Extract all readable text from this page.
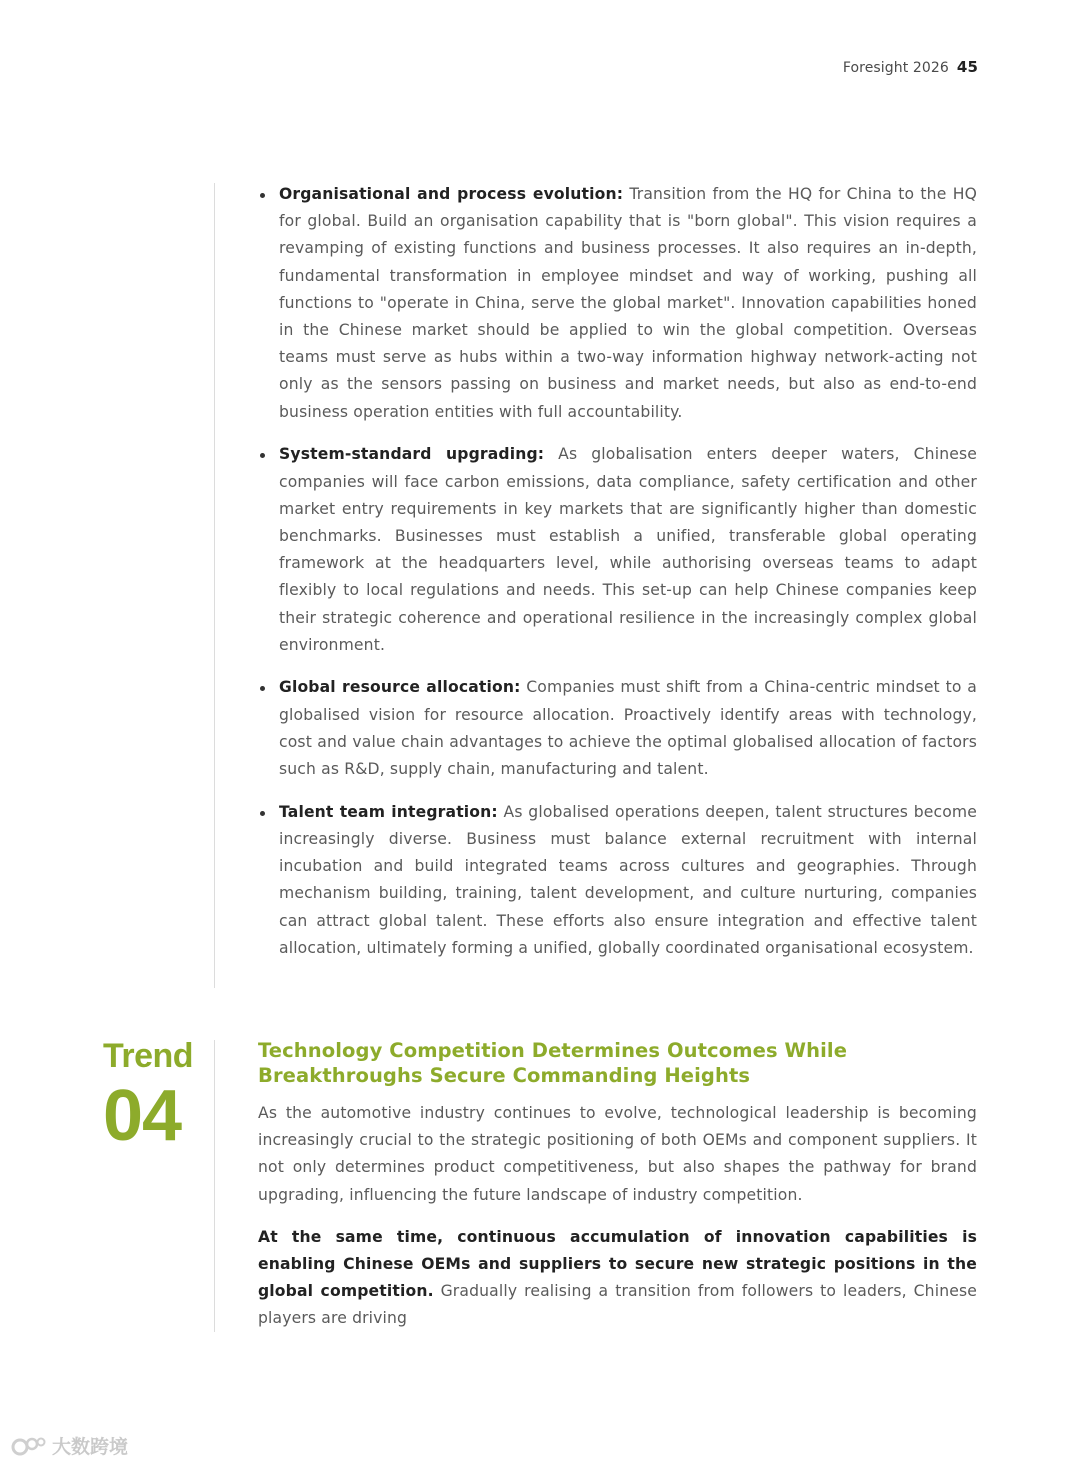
Foresight 2026 45
Organisational and process evolution: Transition from the HQ for China to the HQ for global. Build an organisation capability that is "born global". This vision requires a revamping of existing functions and business processes. It also requires an in-depth, fundamental transformation in employee mindset and way of working, pushing all functions to "operate in China, serve the global market". Innovation capabilities honed in the Chinese market should be applied to win the global competition. Overseas teams must serve as hubs within a two-way information highway network-acting not only as the sensors passing on business and market needs, but also as end-to-end business operation entities with full accountability.
System-standard upgrading: As globalisation enters deeper waters, Chinese companies will face carbon emissions, data compliance, safety certification and other market entry requirements in key markets that are significantly higher than domestic benchmarks. Businesses must establish a unified, transferable global operating framework at the headquarters level, while authorising overseas teams to adapt flexibly to local regulations and needs. This set-up can help Chinese companies keep their strategic coherence and operational resilience in the increasingly complex global environment.
Global resource allocation: Companies must shift from a China-centric mindset to a globalised vision for resource allocation. Proactively identify areas with technology, cost and value chain advantages to achieve the optimal globalised allocation of factors such as R&D, supply chain, manufacturing and talent.
Talent team integration: As globalised operations deepen, talent structures become increasingly diverse. Business must balance external recruitment with internal incubation and build integrated teams across cultures and geographies. Through mechanism building, training, talent development, and culture nurturing, companies can attract global talent. These efforts also ensure integration and effective talent allocation, ultimately forming a unified, globally coordinated organisational ecosystem.
Trend
04
Technology Competition Determines Outcomes While Breakthroughs Secure Commanding Heights

As the automotive industry continues to evolve, technological leadership is becoming increasingly crucial to the strategic positioning of both OEMs and component suppliers. It not only determines product competitiveness, but also shapes the pathway for brand upgrading, influencing the future landscape of industry competition.

At the same time, continuous accumulation of innovation capabilities is enabling Chinese OEMs and suppliers to secure new strategic positions in the global competition. Gradually realising a transition from followers to leaders, Chinese players are driving

大数跨境
